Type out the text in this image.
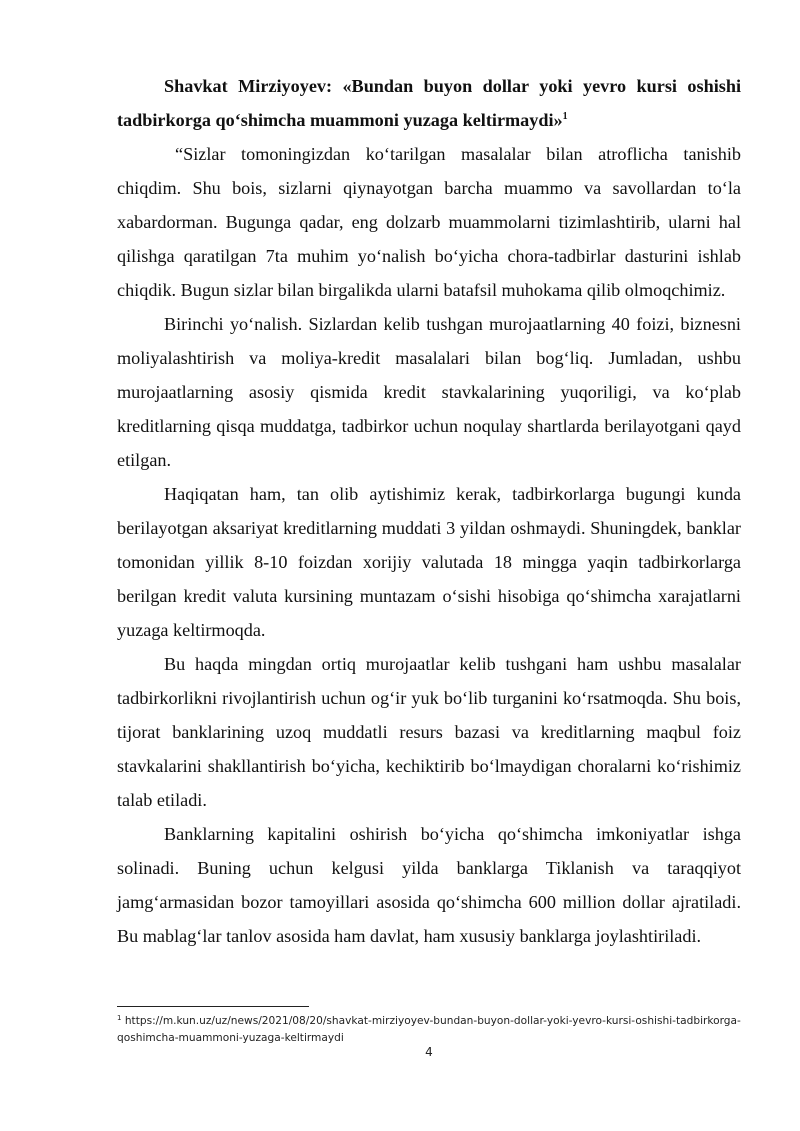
Shavkat Mirziyoyev: «Bundan buyon dollar yoki yevro kursi oshishi tadbirkorga qo‘shimcha muammoni yuzaga keltirmaydi»$^1$

“Sizlar tomoningizdan ko‘tarilgan masalalar bilan atroflicha tanishib chiqdim. Shu bois, sizlarni qiynayotgan barcha muammo va savollardan to‘la xabardorman. Bugunga qadar, eng dolzarb muammolarni tizimlashtirib, ularni hal qilishga qaratilgan 7ta muhim yo‘nalish bo‘yicha chora-tadbirlar dasturini ishlab chiqdik. Bugun sizlar bilan birgalikda ularni batafsil muhokama qilib olmoqchimiz.

Birinchi yo‘nalish. Sizlardan kelib tushgan murojaatlarning 40 foizi, biznesni moliyalashtirish va moliya-kredit masalalari bilan bog‘liq. Jumladan, ushbu murojaatlarning asosiy qismida kredit stavkalarining yuqoriligi, va ko‘plab kreditlarning qisqa muddatga, tadbirkor uchun noqulay shartlarda berilayotgani qayd etilgan.

Haqiqatan ham, tan olib aytishimiz kerak, tadbirkorlarga bugungi kunda berilayotgan aksariyat kreditlarning muddati 3 yildan oshmaydi. Shuningdek, banklar tomonidan yillik 8-10 foizdan xorijiy valutada 18 mingga yaqin tadbirkorlarga berilgan kredit valuta kursining muntazam o‘sishi hisobiga qo‘shimcha xarajatlarni yuzaga keltirmoqda.

Bu haqda mingdan ortiq murojaatlar kelib tushgani ham ushbu masalalar tadbirkorlikni rivojlantirish uchun og‘ir yuk bo‘lib turganini ko‘rsatmoqda. Shu bois, tijorat banklarining uzoq muddatli resurs bazasi va kreditlarning maqbul foiz stavkalarini shakllantirish bo‘yicha, kechiktirib bo‘lmaydigan choralarni ko‘rishimiz talab etiladi.

Banklarning kapitalini oshirish bo‘yicha qo‘shimcha imkoniyatlar ishga solinadi. Buning uchun kelgusi yilda banklarga Tiklanish va taraqqiyot jamg‘armasidan bozor tamoyillari asosida qo‘shimcha 600 million dollar ajratiladi. Bu mablag‘lar tanlov asosida ham davlat, ham xususiy banklarga joylashtiriladi.

$^1$ https://m.kun.uz/uz/news/2021/08/20/shavkat-mirziyoyev-bundan-buyon-dollar-yoki-yevro-kursi-oshishi-tadbirkorga-qoshimcha-muammoni-yuzaga-keltirmaydi
4
